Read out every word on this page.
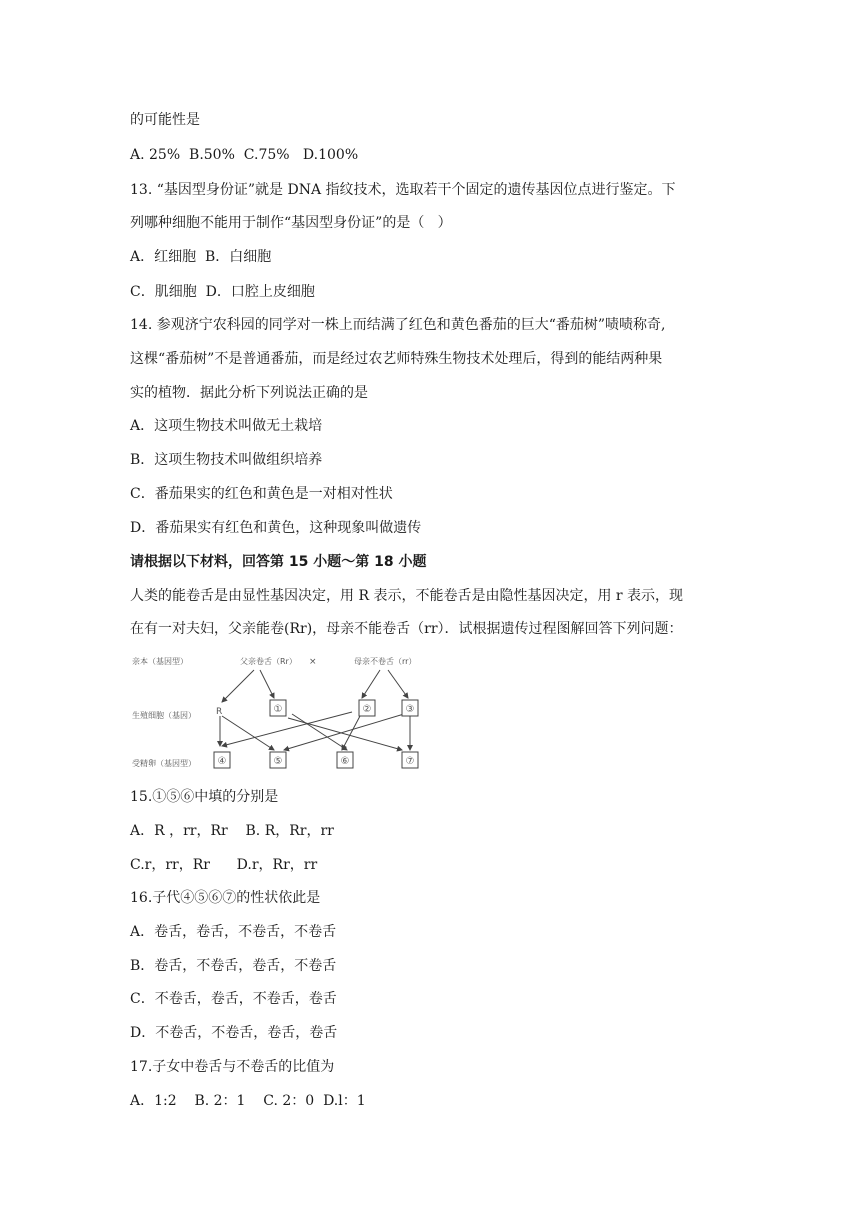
的可能性是
A. 25%  B.50%  C.75%   D.100%
13. “基因型身份证”就是 DNA 指纹技术，选取若干个固定的遗传基因位点进行鉴定。下
列哪种细胞不能用于制作“基因型身份证”的是（   ）
A．红细胞  B．白细胞
C．肌细胞  D．口腔上皮细胞
14. 参观济宁农科园的同学对一株上而结满了红色和黄色番茄的巨大“番茄树”啧啧称奇,
这棵“番茄树”不是普通番茄，而是经过农艺师特殊生物技术处理后，得到的能结两种果
实的植物．据此分析下列说法正确的是
A．这项生物技术叫做无土栽培
B．这项生物技术叫做组织培养
C．番茄果实的红色和黄色是一对相对性状
D．番茄果实有红色和黄色，这种现象叫做遗传
请根据以下材料，回答第 15 小题～第 18 小题
人类的能卷舌是由显性基因决定，用 R 表示，不能卷舌是由隐性基因决定，用 r 表示，现
在有一对夫妇，父亲能卷(Rr)，母亲不能卷舌（rr）．试根据遗传过程图解回答下列问题：
亲本（基因型）
生殖细胞（基因）
受精卵（基因型）
父亲卷舌（Rr） ×	母亲不卷舌（rr）
R	①	②	③
④	⑤	⑥	⑦
15.①⑤⑥中填的分别是
A．R ，rr，Rr    B. R，Rr，rr
C.r，rr，Rr      D.r，Rr，rr
16.子代④⑤⑥⑦的性状依此是
A．卷舌，卷舌，不卷舌，不卷舌
B．卷舌，不卷舌，卷舌，不卷舌
C．不卷舌，卷舌，不卷舌，卷舌
D．不卷舌，不卷舌，卷舌，卷舌
17.子女中卷舌与不卷舌的比值为
A．1:2    B. 2：1    C. 2：0  D.l：1
